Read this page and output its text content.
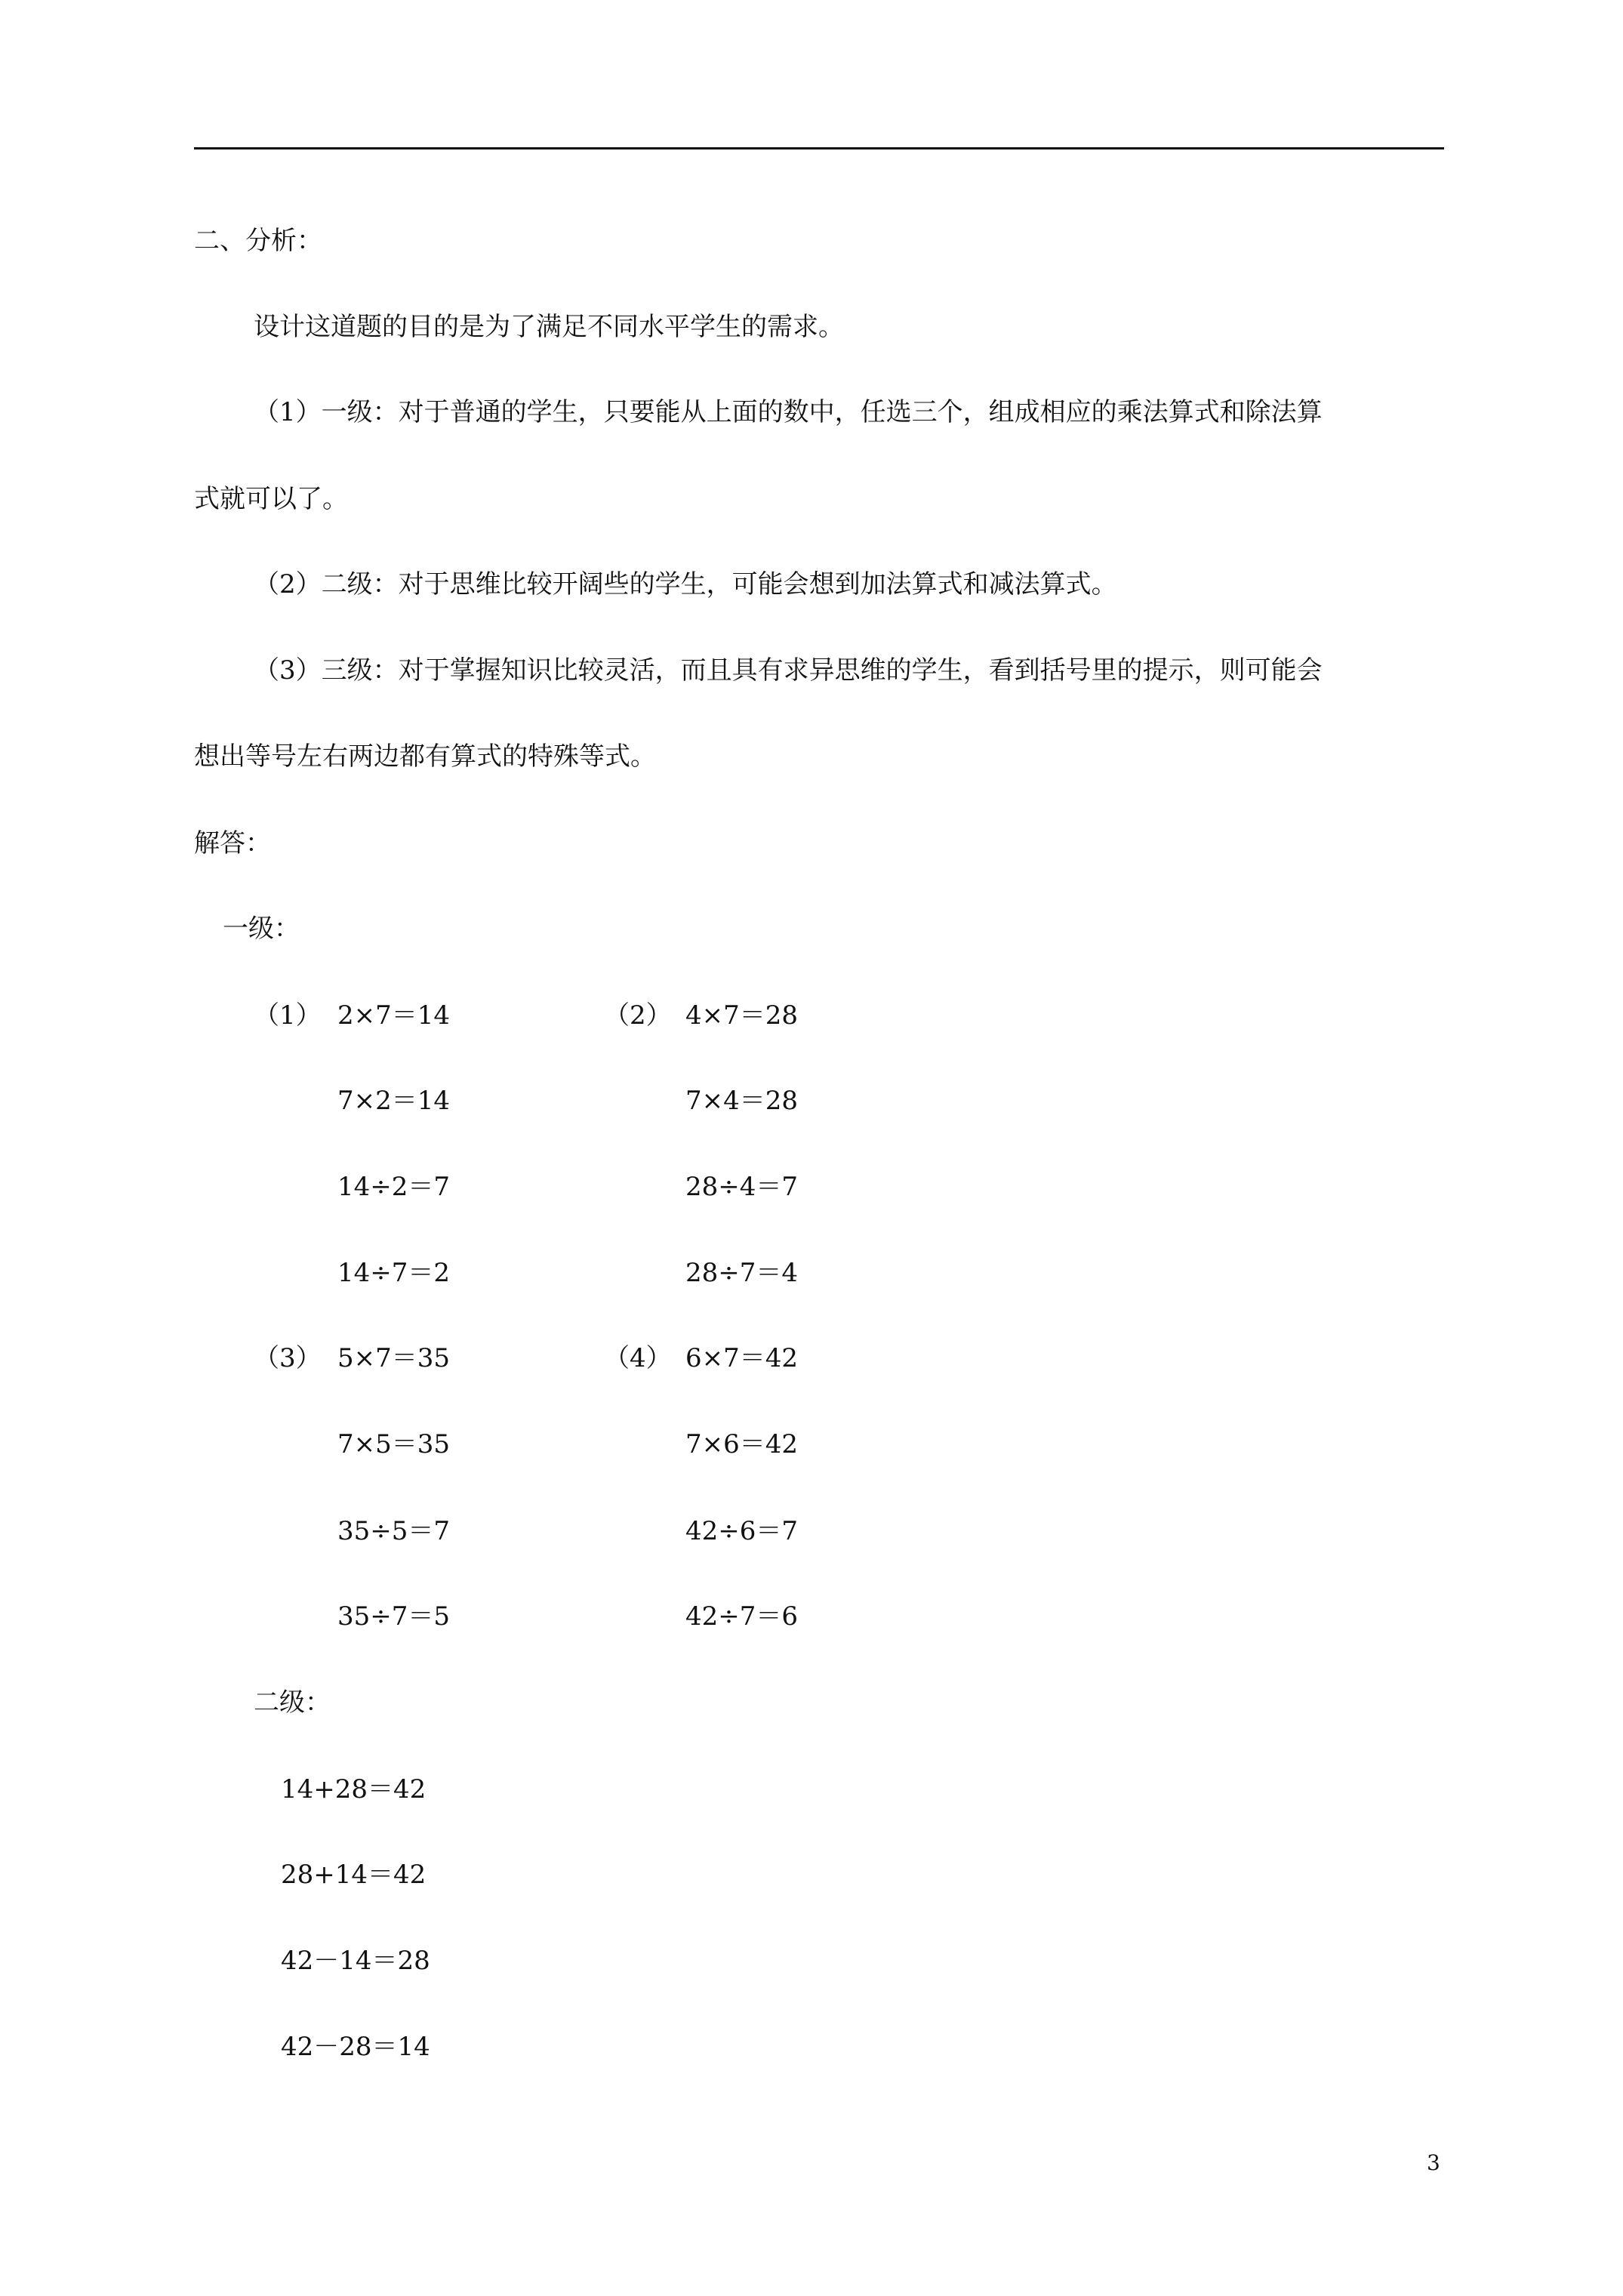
二、分析：

设计这道题的目的是为了满足不同水平学生的需求。

（1）一级：对于普通的学生，只要能从上面的数中，任选三个，组成相应的乘法算式和除法算

式就可以了。

（2）二级：对于思维比较开阔些的学生，可能会想到加法算式和减法算式。

（3）三级：对于掌握知识比较灵活，而且具有求异思维的学生，看到括号里的提示，则可能会

想出等号左右两边都有算式的特殊等式。

解答：

一级：

（1） 2×7＝14

7×2＝14

14÷2＝7

14÷7＝2

（2） 4×7＝28

7×4＝28

28÷4＝7

28÷7＝4

（3） 5×7＝35

7×5＝35

35÷5＝7

35÷7＝5

（4） 6×7＝42

7×6＝42

42÷6＝7

42÷7＝6

二级：

14+28＝42

28+14＝42

42－14＝28

42－28＝14

3
